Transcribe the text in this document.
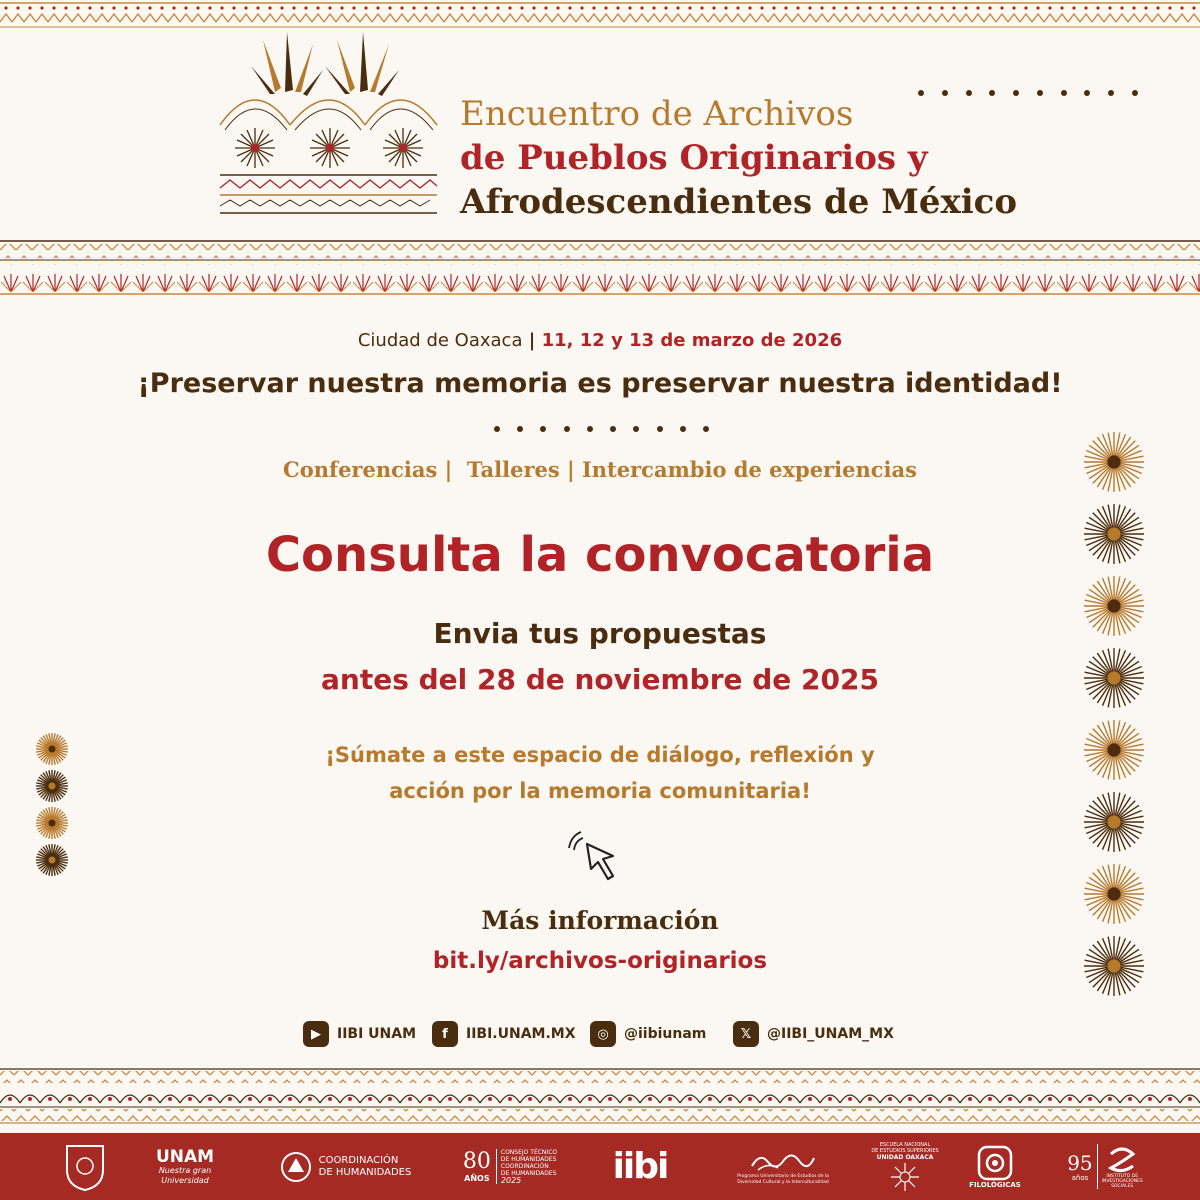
Encuentro de Archivos
de Pueblos Originarios y
Afrodescendientes de México
Ciudad de Oaxaca | 11, 12 y 13 de marzo de 2026
¡Preservar nuestra memoria es preservar nuestra identidad!
Conferencias | Talleres | Intercambio de experiencias
Consulta la convocatoria
Envia tus propuestas
antes del 28 de noviembre de 2025
¡Súmate a este espacio de diálogo, reflexión y
acción por la memoria comunitaria!
Más información
bit.ly/archivos-originarios
▶	IIBI UNAM	f	IIBI.UNAM.MX	◎	@iibiunam	𝕏	@IIBI_UNAM_MX
UNAM
Nuestra gran Universidad
COORDINACIÓN
DE HUMANIDADES 80
AÑOS
CONSEJO TÉCNICO
DE HUMANIDADES
COORDINACIÓN
DE HUMANIDADES
2025	iibi	Programa Universitario de Estudios de la
Diversidad Cultural y la Interculturalidad
ESCUELA NACIONAL
DE ESTUDIOS SUPERIORES
UNIDAD OAXACA
FILOLÓGICAS
95
años	INSTITUTO DE
INVESTIGACIONES
SOCIALES
